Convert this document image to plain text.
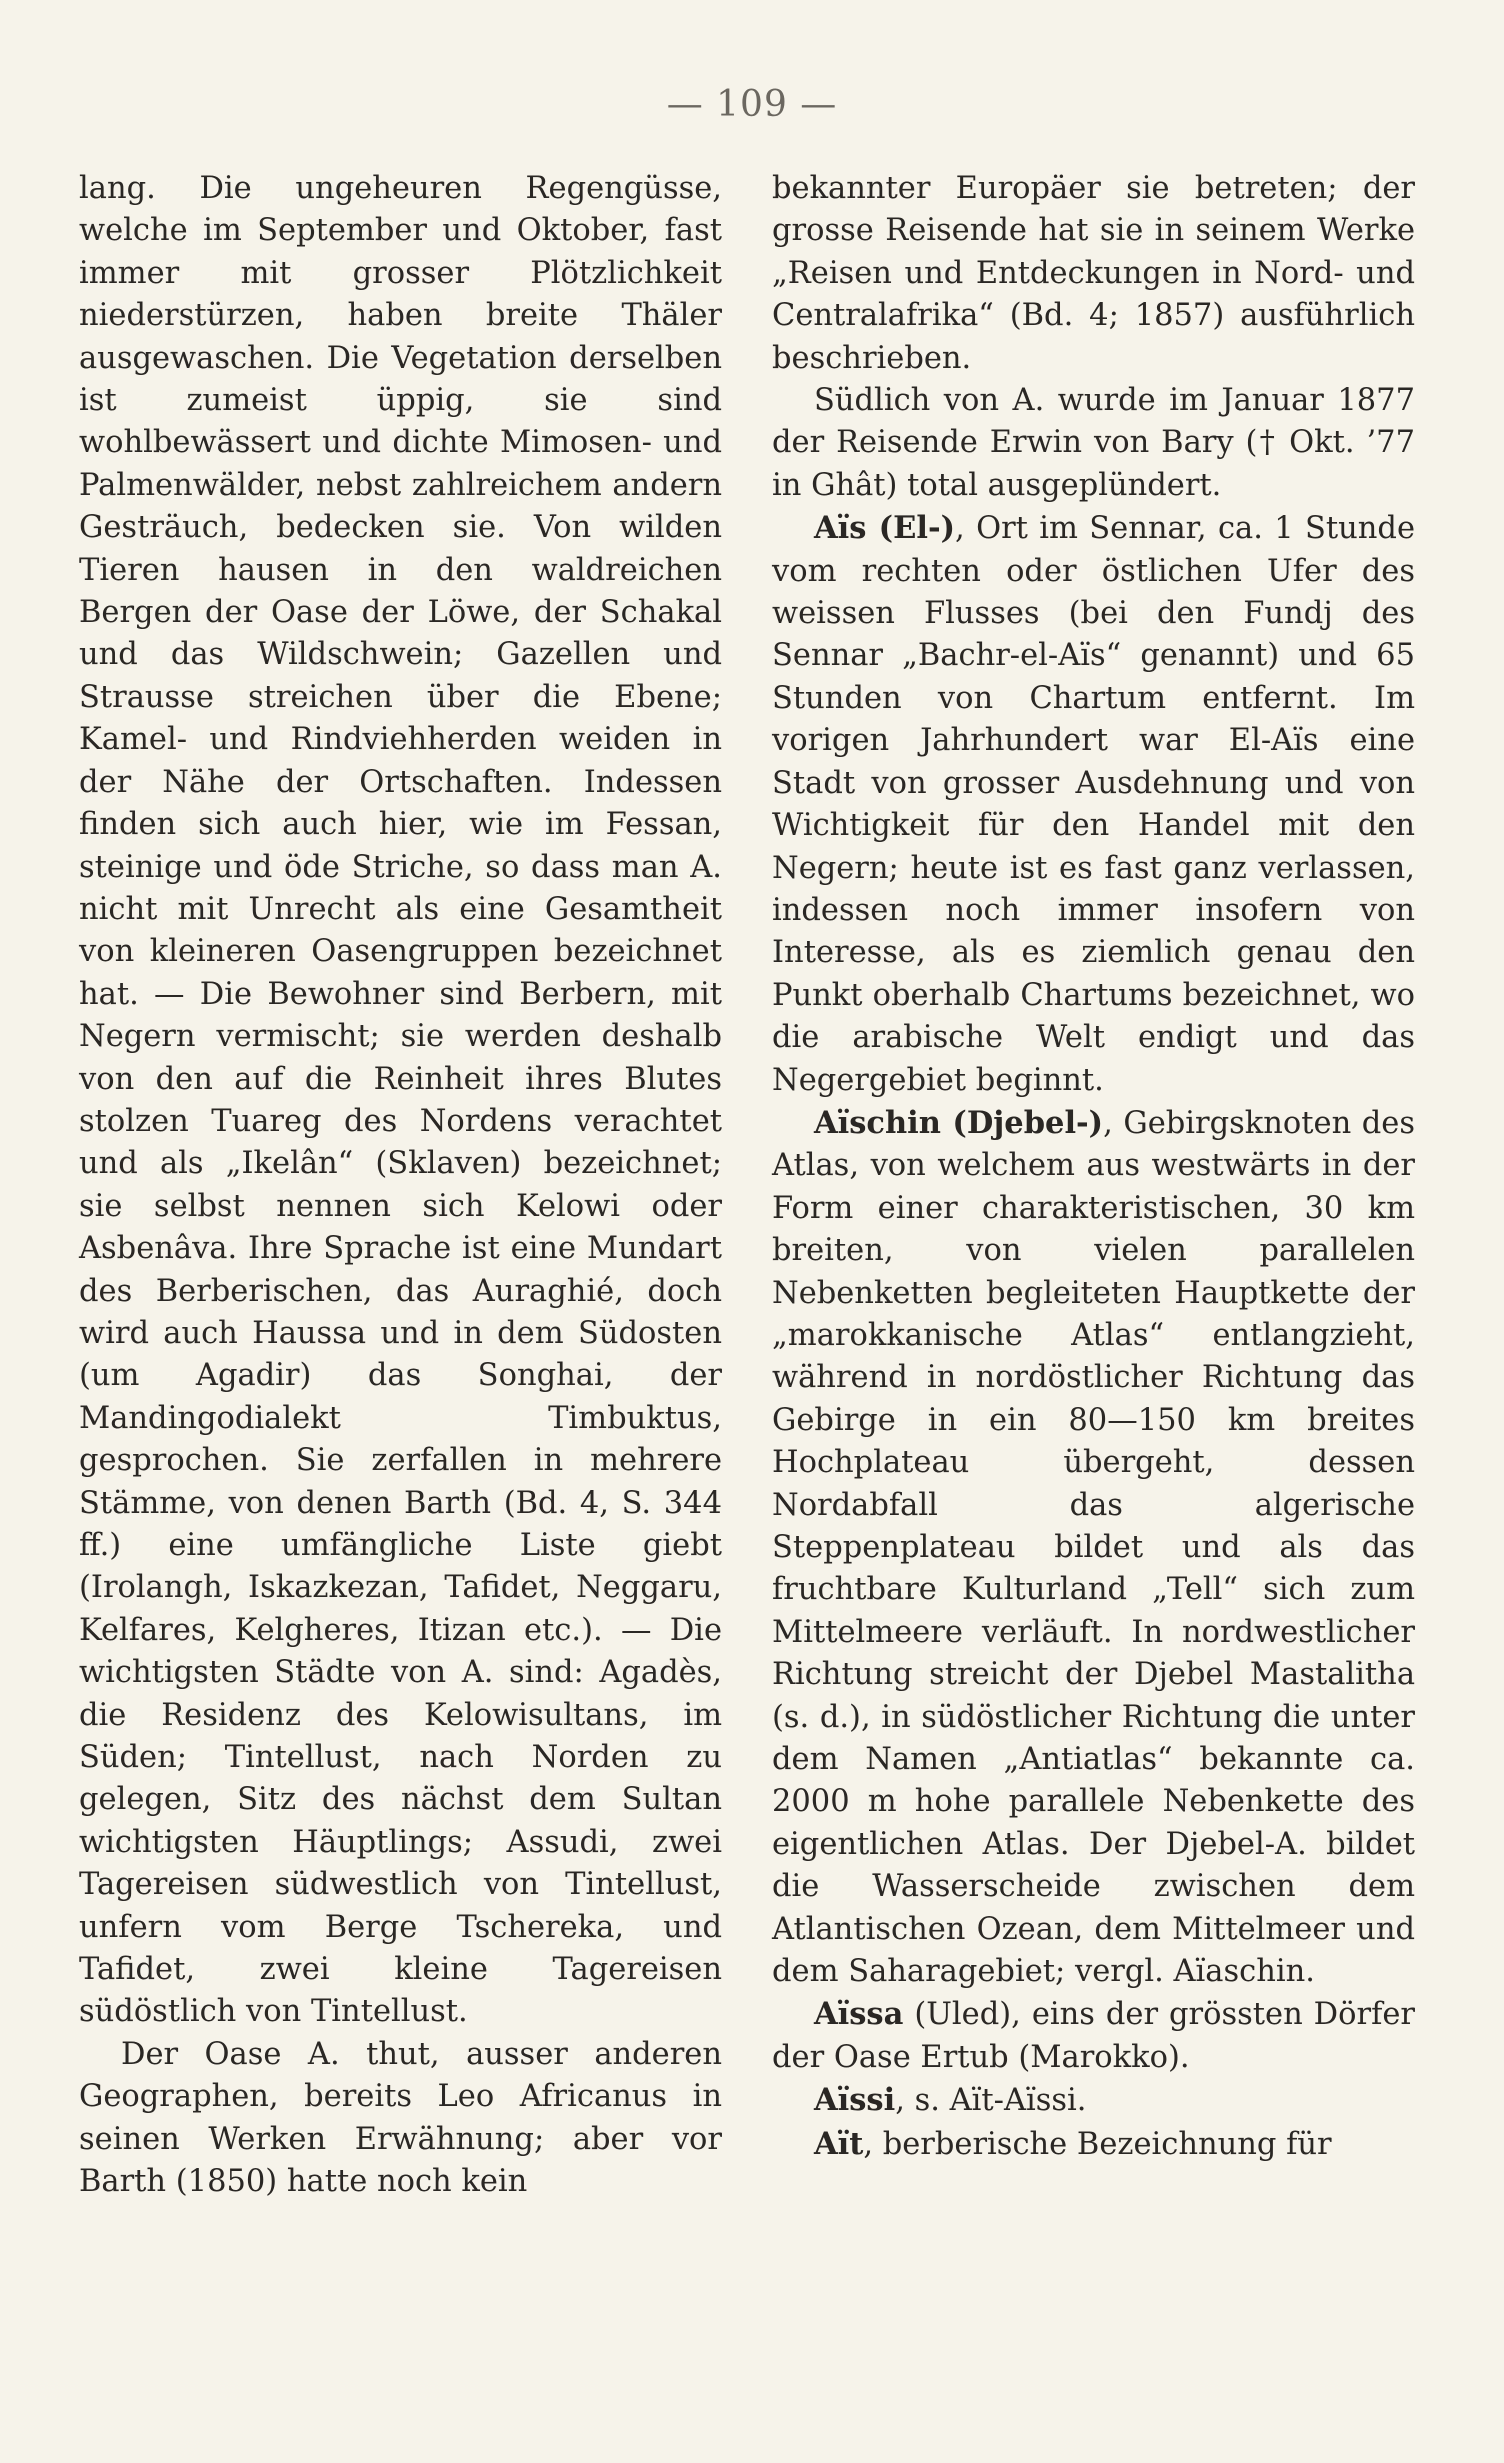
— 109 —

lang. Die ungeheuren Regengüsse, welche im September und Oktober, fast immer mit grosser Plötzlichkeit niederstürzen, haben breite Thäler ausgewaschen. Die Vegetation derselben ist zumeist üppig, sie sind wohlbewässert und dichte Mimosen- und Palmenwälder, nebst zahlreichem andern Gesträuch, bedecken sie. Von wilden Tieren hausen in den waldreichen Bergen der Oase der Löwe, der Schakal und das Wildschwein; Gazellen und Strausse streichen über die Ebene; Kamel- und Rindviehherden weiden in der Nähe der Ortschaften. Indessen finden sich auch hier, wie im Fessan, steinige und öde Striche, so dass man A. nicht mit Unrecht als eine Gesamtheit von kleineren Oasengruppen bezeichnet hat. — Die Bewohner sind Berbern, mit Negern vermischt; sie werden deshalb von den auf die Reinheit ihres Blutes stolzen Tuareg des Nordens verachtet und als „Ikelân“ (Sklaven) bezeichnet; sie selbst nennen sich Kelowi oder Asbenâva. Ihre Sprache ist eine Mundart des Berberischen, das Auraghié, doch wird auch Haussa und in dem Südosten (um Agadir) das Songhai, der Mandingodialekt Timbuktus, gesprochen. Sie zerfallen in mehrere Stämme, von denen Barth (Bd. 4, S. 344 ff.) eine umfängliche Liste giebt (Irolangh, Iskazkezan, Tafidet, Neggaru, Kelfares, Kelgheres, Itizan etc.). — Die wichtigsten Städte von A. sind: Agadès, die Residenz des Kelowisultans, im Süden; Tintellust, nach Norden zu gelegen, Sitz des nächst dem Sultan wichtigsten Häuptlings; Assudi, zwei Tagereisen südwestlich von Tintellust, unfern vom Berge Tschereka, und Tafidet, zwei kleine Tagereisen südöstlich von Tintellust.

Der Oase A. thut, ausser anderen Geographen, bereits Leo Africanus in seinen Werken Erwähnung; aber vor Barth (1850) hatte noch kein

bekannter Europäer sie betreten; der grosse Reisende hat sie in seinem Werke „Reisen und Entdeckungen in Nord- und Centralafrika“ (Bd. 4; 1857) ausführlich beschrieben.

Südlich von A. wurde im Januar 1877 der Reisende Erwin von Bary († Okt. ’77 in Ghât) total ausgeplündert.

Aïs (El-), Ort im Sennar, ca. 1 Stunde vom rechten oder östlichen Ufer des weissen Flusses (bei den Fundj des Sennar „Bachr-el-Aïs“ genannt) und 65 Stunden von Chartum entfernt. Im vorigen Jahrhundert war El-Aïs eine Stadt von grosser Ausdehnung und von Wichtigkeit für den Handel mit den Negern; heute ist es fast ganz verlassen, indessen noch immer insofern von Interesse, als es ziemlich genau den Punkt oberhalb Chartums bezeichnet, wo die arabische Welt endigt und das Negergebiet beginnt.

Aïschin (Djebel-), Gebirgsknoten des Atlas, von welchem aus westwärts in der Form einer charakteristischen, 30 km breiten, von vielen parallelen Nebenketten begleiteten Hauptkette der „marokkanische Atlas“ entlangzieht, während in nordöstlicher Richtung das Gebirge in ein 80—150 km breites Hochplateau übergeht, dessen Nordabfall das algerische Steppenplateau bildet und als das fruchtbare Kulturland „Tell“ sich zum Mittelmeere verläuft. In nordwestlicher Richtung streicht der Djebel Mastalitha (s. d.), in südöstlicher Richtung die unter dem Namen „Antiatlas“ bekannte ca. 2000 m hohe parallele Nebenkette des eigentlichen Atlas. Der Djebel-A. bildet die Wasserscheide zwischen dem Atlantischen Ozean, dem Mittelmeer und dem Saharagebiet; vergl. Aïaschin.

Aïssa (Uled), eins der grössten Dörfer der Oase Ertub (Marokko).

Aïssi, s. Aït-Aïssi.

Aït, berberische Bezeichnung für
